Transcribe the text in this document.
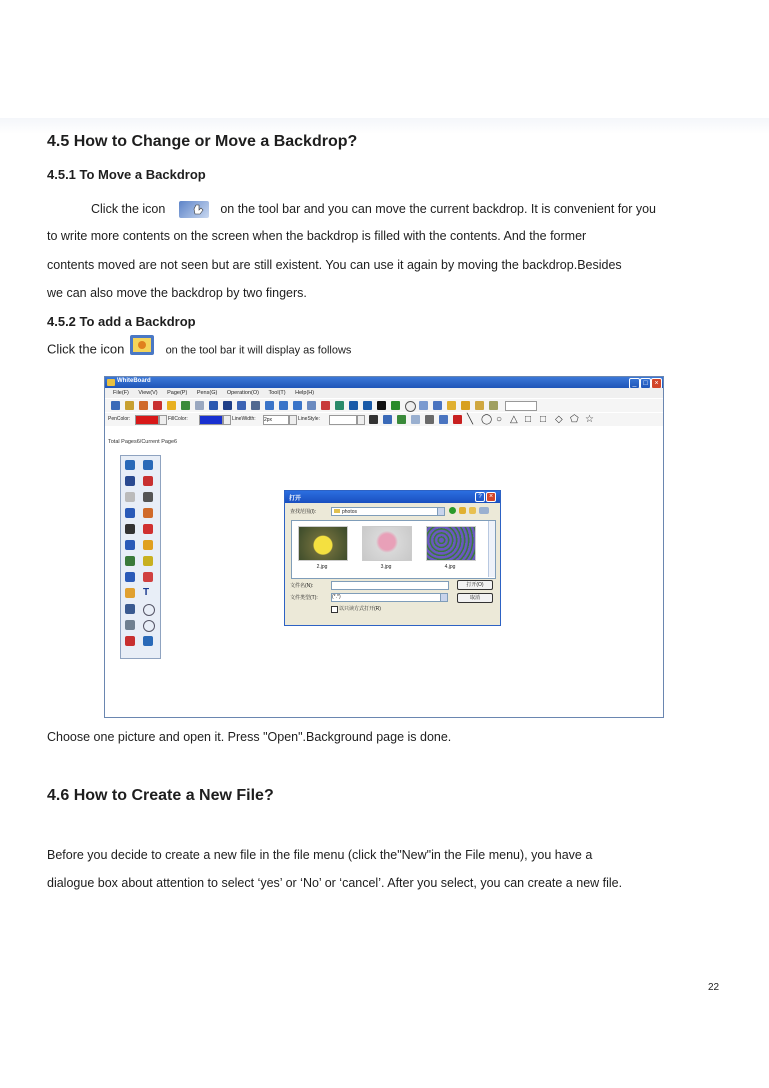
4.5 How to Change or Move a Backdrop?
4.5.1 To Move a Backdrop
Click the icon	on the tool bar and you can move the current backdrop. It is convenient for you
to write more contents on the screen when the backdrop is filled with the contents. And the former
contents moved are not seen but are still existent. You can use it again by moving the backdrop.Besides
we can also move the backdrop by two fingers.
4.5.2 To add a Backdrop
Click the icon	on the tool bar it will display as follows
WhiteBoard	_ □ ×
File(F) View(V) Page(P) Pens(G) Operation(O) Tool(T) Help(H)
PenColor:	FillColor:	LineWidth: 2px	LineStyle:	╲ ◯ ○ △ □ □ ◇ ⬠ ☆
Total Pages6/Current Page6
T
打开	?	×
查找范围(I):	photos
2.jpg	3.jpg	4.jpg
文件名(N):	打开(O)
文件类型(T):	(*.*)	取消
以只读方式打开(R)
Choose one picture and open it. Press "Open".Background page is done.
4.6 How to Create a New File?
Before you decide to create a new file in the file menu (click the"New"in the File menu), you have a
dialogue box about attention to select ‘yes’ or ‘No’ or ‘cancel’. After you select, you can create a new file.
22
